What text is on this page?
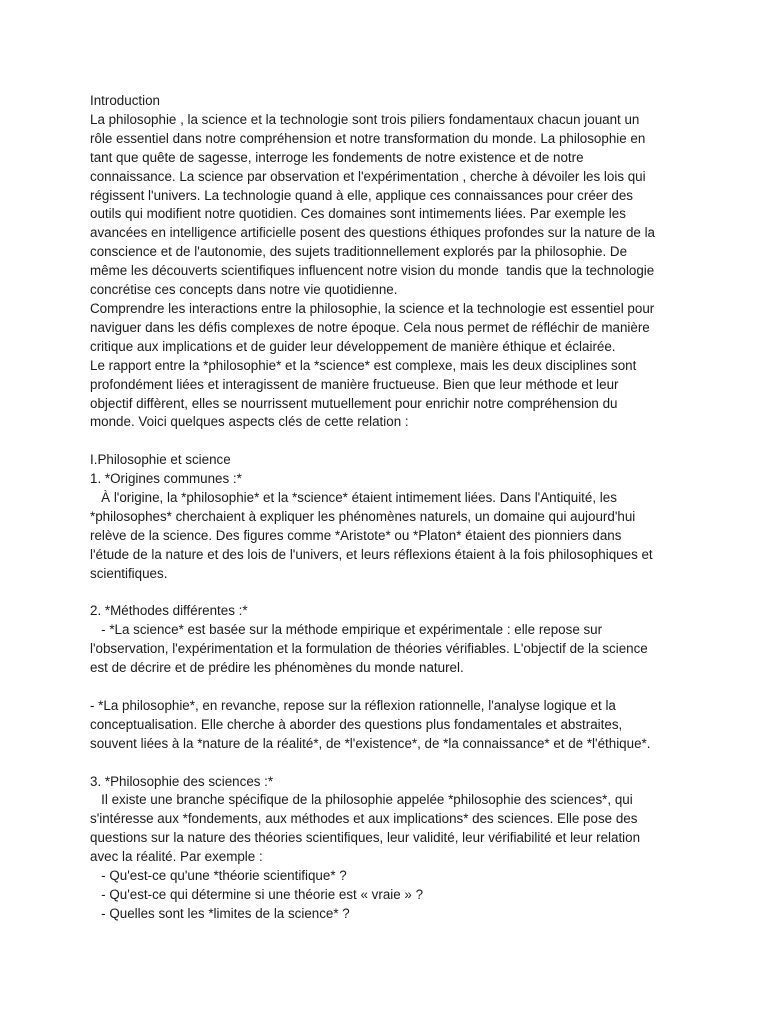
Introduction
La philosophie , la science et la technologie sont trois piliers fondamentaux chacun jouant un
rôle essentiel dans notre compréhension et notre transformation du monde. La philosophie en
tant que quête de sagesse, interroge les fondements de notre existence et de notre
connaissance. La science par observation et l'expérimentation , cherche à dévoiler les lois qui
régissent l'univers. La technologie quand à elle, applique ces connaissances pour créer des
outils qui modifient notre quotidien. Ces domaines sont intimements liées. Par exemple les
avancées en intelligence artificielle posent des questions éthiques profondes sur la nature de la
conscience et de l'autonomie, des sujets traditionnellement explorés par la philosophie. De
même les découverts scientifiques influencent notre vision du monde  tandis que la technologie
concrétise ces concepts dans notre vie quotidienne.
Comprendre les interactions entre la philosophie, la science et la technologie est essentiel pour
naviguer dans les défis complexes de notre époque. Cela nous permet de réfléchir de manière
critique aux implications et de guider leur développement de manière éthique et éclairée.
Le rapport entre la *philosophie* et la *science* est complexe, mais les deux disciplines sont
profondément liées et interagissent de manière fructueuse. Bien que leur méthode et leur
objectif diffèrent, elles se nourrissent mutuellement pour enrichir notre compréhension du
monde. Voici quelques aspects clés de cette relation :
I.Philosophie et science
1. *Origines communes :*
À l'origine, la *philosophie* et la *science* étaient intimement liées. Dans l'Antiquité, les
*philosophes* cherchaient à expliquer les phénomènes naturels, un domaine qui aujourd'hui
relève de la science. Des figures comme *Aristote* ou *Platon* étaient des pionniers dans
l'étude de la nature et des lois de l'univers, et leurs réflexions étaient à la fois philosophiques et
scientifiques.
2. *Méthodes différentes :*
- *La science* est basée sur la méthode empirique et expérimentale : elle repose sur
l'observation, l'expérimentation et la formulation de théories vérifiables. L'objectif de la science
est de décrire et de prédire les phénomènes du monde naturel.
- *La philosophie*, en revanche, repose sur la réflexion rationnelle, l'analyse logique et la
conceptualisation. Elle cherche à aborder des questions plus fondamentales et abstraites,
souvent liées à la *nature de la réalité*, de *l'existence*, de *la connaissance* et de *l'éthique*.
3. *Philosophie des sciences :*
Il existe une branche spécifique de la philosophie appelée *philosophie des sciences*, qui
s'intéresse aux *fondements, aux méthodes et aux implications* des sciences. Elle pose des
questions sur la nature des théories scientifiques, leur validité, leur vérifiabilité et leur relation
avec la réalité. Par exemple :
- Qu'est-ce qu'une *théorie scientifique* ?
- Qu'est-ce qui détermine si une théorie est « vraie » ?
- Quelles sont les *limites de la science* ?
